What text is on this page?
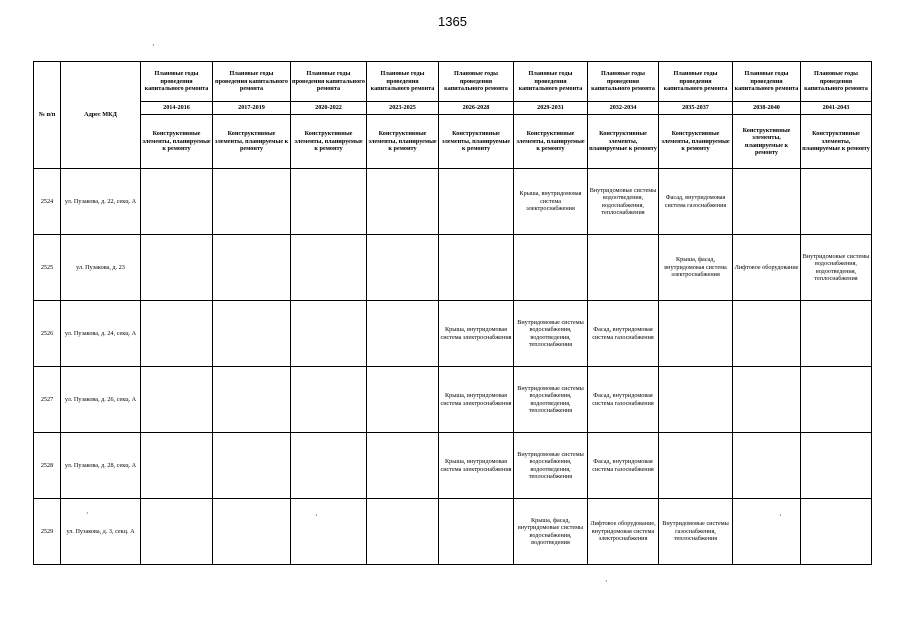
1365
№ п/п	Адрес МКД	Плановые годы проведения капитального ремонта	Плановые годы проведения капитального ремонта	Плановые годы проведения капитального ремонта	Плановые годы проведения капитального ремонта	Плановые годы проведения капитального ремонта	Плановые годы проведения капитального ремонта	Плановые годы проведения капитального ремонта	Плановые годы проведения капитального ремонта	Плановые годы проведения капитального ремонта	Плановые годы проведения капитального ремонта
		2014-2016	2017-2019	2020-2022	2023-2025	2026-2028	2029-2031	2032-2034	2035-2037	2038-2040	2041-2043
		Конструктивные элементы, планируемые к ремонту	Конструктивные элементы, планируемые к ремонту	Конструктивные элементы, планируемые к ремонту	Конструктивные элементы, планируемые к ремонту	Конструктивные элементы, планируемые к ремонту	Конструктивные элементы, планируемые к ремонту	Конструктивные элементы, планируемые к ремонту	Конструктивные элементы, планируемые к ремонту	Конструктивные элементы, планируемые к ремонту	Конструктивные элементы, планируемые к ремонту
2524	ул. Пузакова, д. 22, секц. А						Крыша, внутридомовая система электроснабжения	Внутридомовые системы водоотведения, водоснабжения, теплоснабжения	Фасад, внутридомовая система газоснабжения		
2525	ул. Пузакова, д. 23								Крыша, фасад, внутридомовая система электроснабжения	Лифтовое оборудование	Внутридомовые системы водоснабжения, водоотведения, теплоснабжения
2526	ул. Пузакова, д. 24, секц. А					Крыша, внутридомовая система электроснабжения	Внутридомовые системы водоснабжения, водоотведения, теплоснабжения	Фасад, внутридомовая система газоснабжения			
2527	ул. Пузакова, д. 26, секц. А					Крыша, внутридомовая система электроснабжения	Внутридомовые системы водоснабжения, водоотведения, теплоснабжения	Фасад, внутридомовая система газоснабжения			
2528	ул. Пузакова, д. 28, секц. А					Крыша, внутридомовая система электроснабжения	Внутридомовые системы водоснабжения, водоотведения, теплоснабжения	Фасад, внутридомовая система газоснабжения			
2529	ул. Пузакова, д. 3, секц. А						Крыша, фасад, внутридомовые системы водоснабжения, водоотведения	Лифтовое оборудование, внутридомовая система электроснабжения	Внутридомовые системы газоснабжения, теплоснабжения		
·
·	·	·
·
